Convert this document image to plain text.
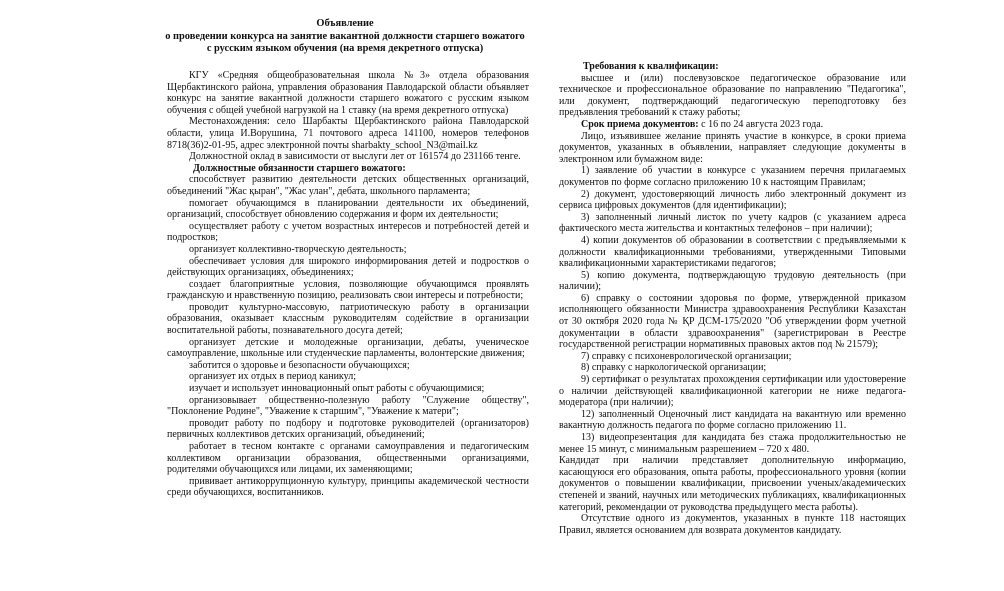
Объявление
о проведении конкурса на занятие вакантной должности старшего вожатого
с русским языком обучения (на время декретного отпуска)

КГУ «Средняя общеобразовательная школа №3» отдела образования Щербактинского района, управления образования Павлодарской области объявляет конкурс на занятие вакантной должности старшего вожатого с русским языком обучения с общей учебной нагрузкой на 1 ставку (на время декретного отпуска)

Местонахождения: село Шарбакты Щербактинского района Павлодарской области, улица И.Ворушина, 71 почтового адреса 141100, номеров телефонов 8718(36)2-01-95, адрес электронной почты sharbakty_school_N3@mail.kz

Должностной оклад в зависимости от выслуги лет от 161574 до 231166 тенге.

Должностные обязанности старшего вожатого:

способствует развитию деятельности детских общественных организаций, объединений "Жас қыран", "Жас улан", дебата, школьного парламента;

помогает обучающимся в планировании деятельности их объединений, организаций, способствует обновлению содержания и форм их деятельности;

осуществляет работу с учетом возрастных интересов и потребностей детей и подростков;

организует коллективно-творческую деятельность;

обеспечивает условия для широкого информирования детей и подростков о действующих организациях, объединениях;

создает благоприятные условия, позволяющие обучающимся проявлять гражданскую и нравственную позицию, реализовать свои интересы и потребности;

проводит культурно-массовую, патриотическую работу в организации образования, оказывает классным руководителям содействие в организации воспитательной работы, познавательного досуга детей;

организует детские и молодежные организации, дебаты, ученическое самоуправление, школьные или студенческие парламенты, волонтерские движения;

заботится о здоровье и безопасности обучающихся;

организует их отдых в период каникул;

изучает и использует инновационный опыт работы с обучающимися;

организовывает общественно-полезную работу "Служение обществу", "Поклонение Родине", "Уважение к старшим", "Уважение к матери";

проводит работу по подбору и подготовке руководителей (организаторов) первичных коллективов детских организаций, объединений;

работает в тесном контакте с органами самоуправления и педагогическим коллективом организации образования, общественными организациями, родителями обучающихся или лицами, их заменяющими;

прививает антикоррупционную культуру, принципы академической честности среди обучающихся, воспитанников.

Требования к квалификации:

высшее и (или) послевузовское педагогическое образование или техническое и профессиональное образование по направлению "Педагогика", или документ, подтверждающий педагогическую переподготовку без предъявления требований к стажу работы;

Срок приема документов: с 16 по 24 августа 2023 года.

Лицо, изъявившее желание принять участие в конкурсе, в сроки приема документов, указанных в объявлении, направляет следующие документы в электронном или бумажном виде:

1) заявление об участии в конкурсе с указанием перечня прилагаемых документов по форме согласно приложению 10 к настоящим Правилам;

2) документ, удостоверяющий личность либо электронный документ из сервиса цифровых документов (для идентификации);

3) заполненный личный листок по учету кадров (с указанием адреса фактического места жительства и контактных телефонов – при наличии);

4) копии документов об образовании в соответствии с предъявляемыми к должности квалификационными требованиями, утвержденными Типовыми квалификационными характеристиками педагогов;

5) копию документа, подтверждающую трудовую деятельность (при наличии);

6) справку о состоянии здоровья по форме, утвержденной приказом исполняющего обязанности Министра здравоохранения Республики Казахстан от 30 октября 2020 года № ҚР ДСМ-175/2020 "Об утверждении форм учетной документации в области здравоохранения" (зарегистрирован в Реестре государственной регистрации нормативных правовых актов под № 21579);

7) справку с психоневрологической организации;

8) справку с наркологической организации;

9) сертификат о результатах прохождения сертификации или удостоверение о наличии действующей квалификационной категории не ниже педагога-модератора (при наличии);

12) заполненный Оценочный лист кандидата на вакантную или временно вакантную должность педагога по форме согласно приложению 11.

13) видеопрезентация для кандидата без стажа продолжительностью не менее 15 минут, с минимальным разрешением – 720 x 480.

Кандидат при наличии представляет дополнительную информацию, касающуюся его образования, опыта работы, профессионального уровня (копии документов о повышении квалификации, присвоении ученых/академических степеней и званий, научных или методических публикациях, квалификационных категорий, рекомендации от руководства предыдущего места работы).

Отсутствие одного из документов, указанных в пункте 118 настоящих Правил, является основанием для возврата документов кандидату.
